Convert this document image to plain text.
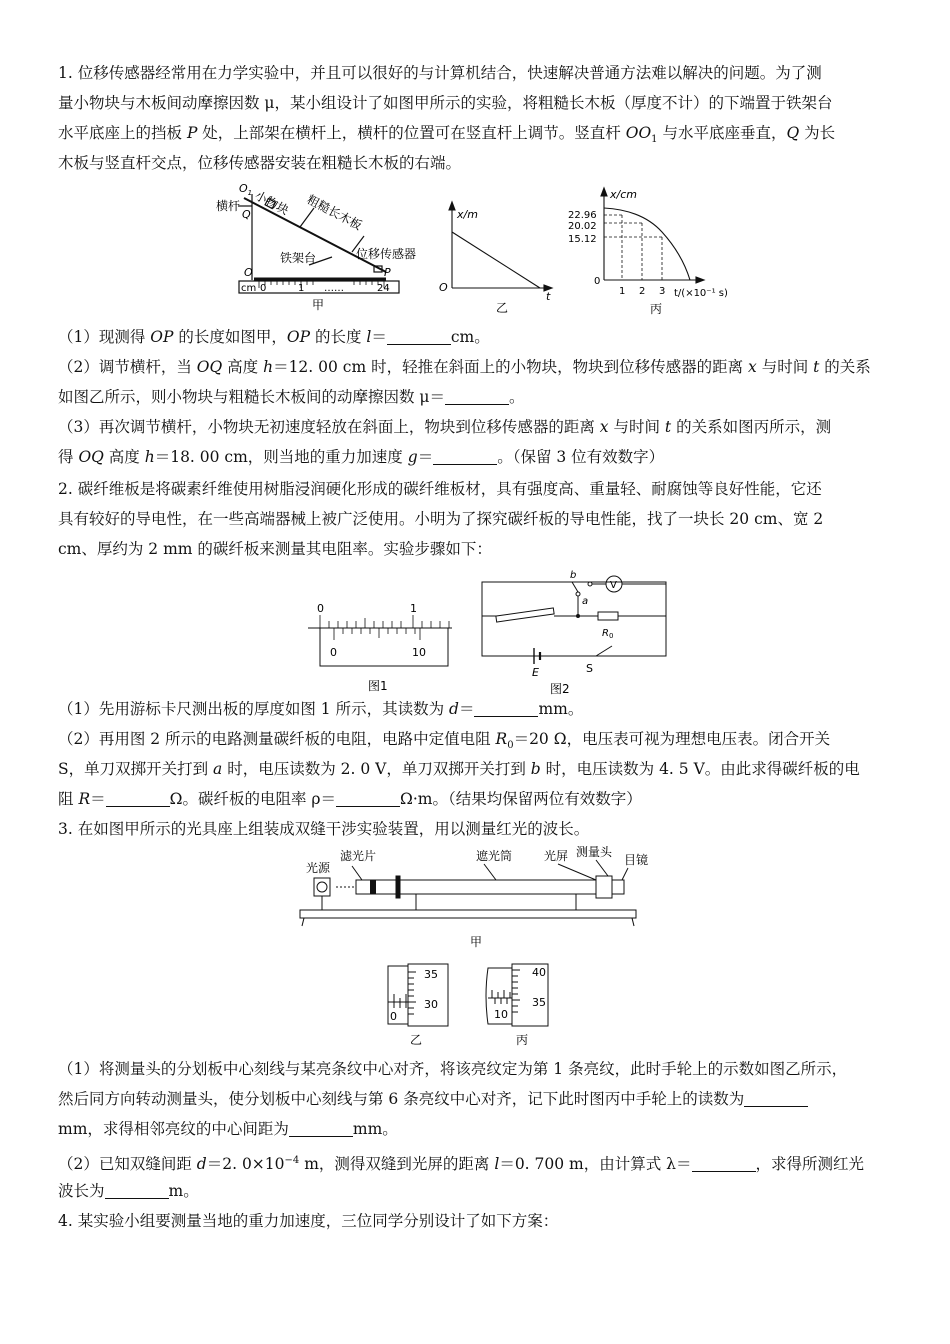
1. 位移传感器经常用在力学实验中，并且可以很好的与计算机结合，快速解决普通方法难以解决的问题。为了测
量小物块与木板间动摩擦因数 μ，某小组设计了如图甲所示的实验，将粗糙长木板（厚度不计）的下端置于铁架台
水平底座上的挡板 P 处，上部架在横杆上，横杆的位置可在竖直杆上调节。竖直杆 $OO_1$ 与水平底座垂直，Q 为长
木板与竖直杆交点，位移传感器安装在粗糙长木板的右端。
$O_1$
横杆 小物块 粗糙长木板
Q
铁架台	位移传感器
O	P
cm 0	1 ……	24
甲
x/m
O
t
乙
x/cm
22.96
20.02
15.12
0
1 2 3 t/(×10⁻¹ s)
丙
（1）现测得 OP 的长度如图甲，OP 的长度 l＝	cm。
（2）调节横杆，当 OQ 高度 h＝12. 00 cm 时，轻推在斜面上的小物块，物块到位移传感器的距离 x 与时间 t 的关系
如图乙所示，则小物块与粗糙长木板间的动摩擦因数 μ＝	。
（3）再次调节横杆，小物块无初速度轻放在斜面上，物块到位移传感器的距离 x 与时间 t 的关系如图丙所示，测
得 OQ 高度 h＝18. 00 cm，则当地的重力加速度 g＝	。（保留 3 位有效数字）
2. 碳纤维板是将碳素纤维使用树脂浸润硬化形成的碳纤维板材，具有强度高、重量轻、耐腐蚀等良好性能，它还
具有较好的导电性，在一些高端器械上被广泛使用。小明为了探究碳纤板的导电性能，找了一块长 20 cm、宽 2
cm、厚约为 2 mm 的碳纤板来测量其电阻率。实验步骤如下：
0	1
0	10
图1
b
a
V
$R_0$
E	S
图2
（1）先用游标卡尺测出板的厚度如图 1 所示，其读数为 d＝	mm。
（2）再用图 2 所示的电路测量碳纤板的电阻，电路中定值电阻 $R_0=20$ Ω，电压表可视为理想电压表。闭合开关
S，单刀双掷开关打到 a 时，电压读数为 2. 0 V，单刀双掷开关打到 b 时，电压读数为 4. 5 V。由此求得碳纤板的电
阻 R＝	Ω。碳纤板的电阻率 ρ＝	Ω·m。（结果均保留两位有效数字）
3. 在如图甲所示的光具座上组装成双缝干涉实验装置，用以测量红光的波长。
光源
滤光片	遮光筒	光屏 测量头
目镜
甲
35
30
0
乙
40
35
10
丙
（1）将测量头的分划板中心刻线与某亮条纹中心对齐，将该亮纹定为第 1 条亮纹，此时手轮上的示数如图乙所示，
然后同方向转动测量头，使分划板中心刻线与第 6 条亮纹中心对齐，记下此时图丙中手轮上的读数为
mm，求得相邻亮纹的中心间距为	mm。
（2）已知双缝间距 d＝2. $0\times 10^{-4}$ m，测得双缝到光屏的距离 l＝0. 700 m，由计算式 λ＝	，求得所测红光
波长为	m。
4. 某实验小组要测量当地的重力加速度，三位同学分别设计了如下方案：
